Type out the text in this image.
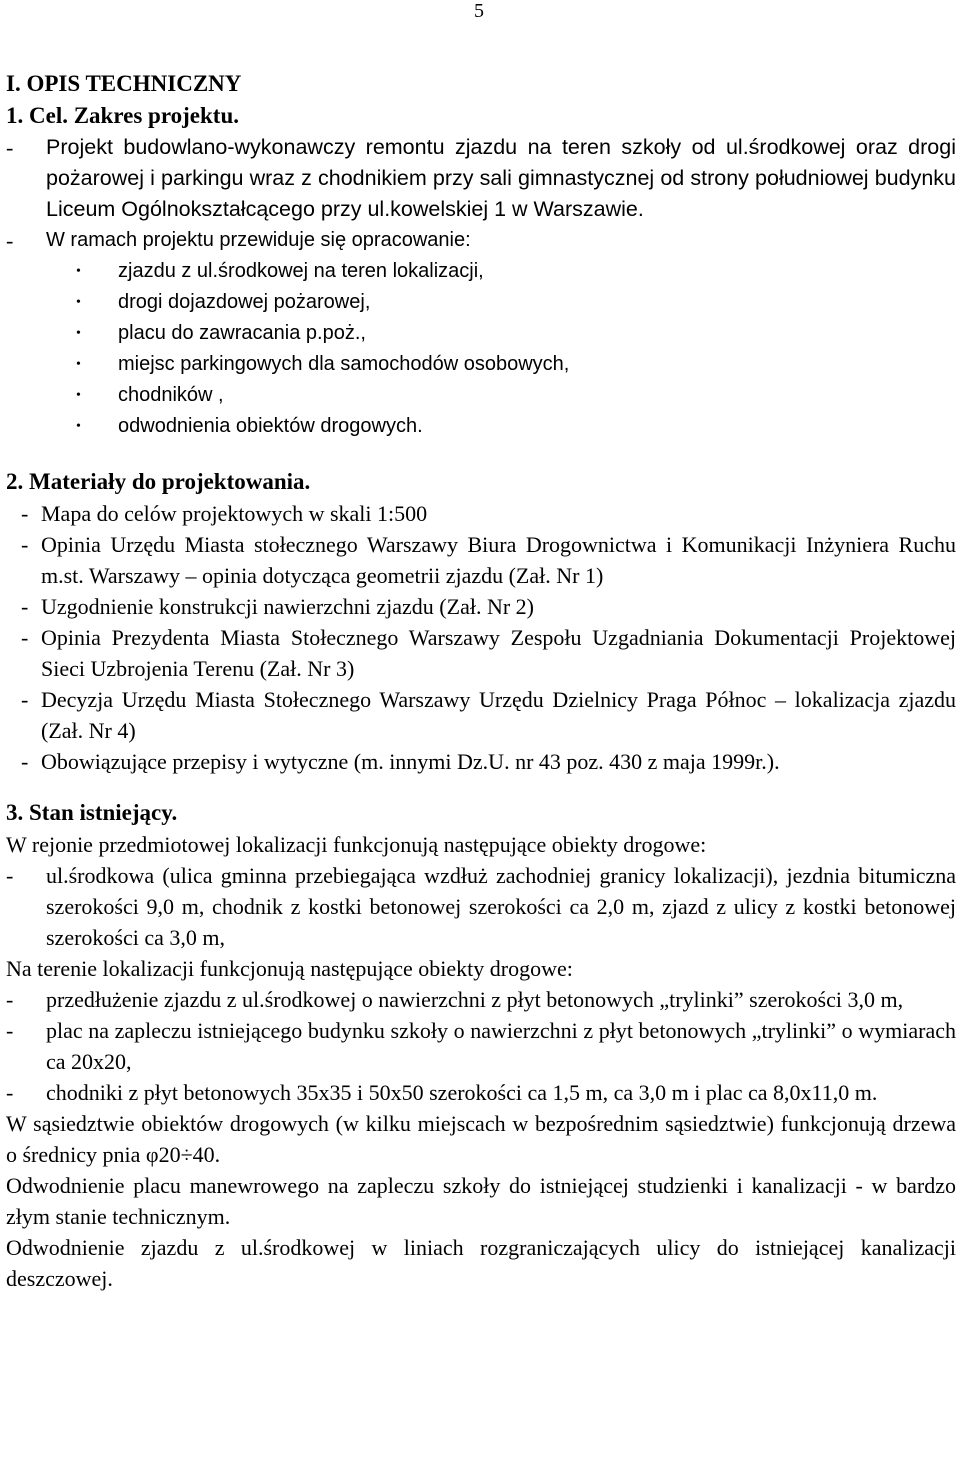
5
I. OPIS TECHNICZNY
1. Cel. Zakres projektu.
-	Projekt budowlano-wykonawczy remontu zjazdu na teren szkoły od ul.środkowej oraz drogi pożarowej i parkingu wraz z chodnikiem przy sali gimnastycznej od strony południowej budynku Liceum Ogólnokształcącego przy ul.kowelskiej 1 w Warszawie.
-	W ramach projektu przewiduje się opracowanie:
•	zjazdu z ul.środkowej na teren lokalizacji,
•	drogi dojazdowej pożarowej,
•	placu do zawracania p.poż.,
•	miejsc parkingowych dla samochodów osobowych,
•	chodników ,
•	odwodnienia obiektów drogowych.
2. Materiały do projektowania.
- Mapa do celów projektowych w skali 1:500
- Opinia Urzędu Miasta stołecznego Warszawy Biura Drogownictwa i Komunikacji Inżyniera Ruchu m.st. Warszawy – opinia dotycząca geometrii zjazdu (Zał. Nr 1)
- Uzgodnienie konstrukcji nawierzchni zjazdu (Zał. Nr 2)
- Opinia Prezydenta Miasta Stołecznego Warszawy Zespołu Uzgadniania Dokumentacji Projektowej Sieci Uzbrojenia Terenu (Zał. Nr 3)
- Decyzja Urzędu Miasta Stołecznego Warszawy Urzędu Dzielnicy Praga Północ – lokalizacja zjazdu (Zał. Nr 4)
- Obowiązujące przepisy i wytyczne (m. innymi Dz.U. nr 43 poz. 430 z maja 1999r.).
3. Stan istniejący.
W rejonie przedmiotowej lokalizacji funkcjonują następujące obiekty drogowe:
-	ul.środkowa (ulica gminna przebiegająca wzdłuż zachodniej granicy lokalizacji), jezdnia bitumiczna szerokości 9,0 m, chodnik z kostki betonowej szerokości ca 2,0 m, zjazd z ulicy z kostki betonowej szerokości ca 3,0 m,
Na terenie lokalizacji funkcjonują następujące obiekty drogowe:
-	przedłużenie zjazdu z ul.środkowej o nawierzchni z płyt betonowych „trylinki” szerokości 3,0 m,
-	plac na zapleczu istniejącego budynku szkoły o nawierzchni z płyt betonowych „trylinki” o wymiarach ca 20x20,
-	chodniki z płyt betonowych 35x35 i 50x50 szerokości ca 1,5 m, ca 3,0 m i plac ca 8,0x11,0 m.
W sąsiedztwie obiektów drogowych (w kilku miejscach w bezpośrednim sąsiedztwie) funkcjonują drzewa o średnicy pnia φ20÷40.
Odwodnienie placu manewrowego na zapleczu szkoły do istniejącej studzienki i kanalizacji - w bardzo złym stanie technicznym.
Odwodnienie zjazdu z ul.środkowej w liniach rozgraniczających ulicy do istniejącej kanalizacji deszczowej.
